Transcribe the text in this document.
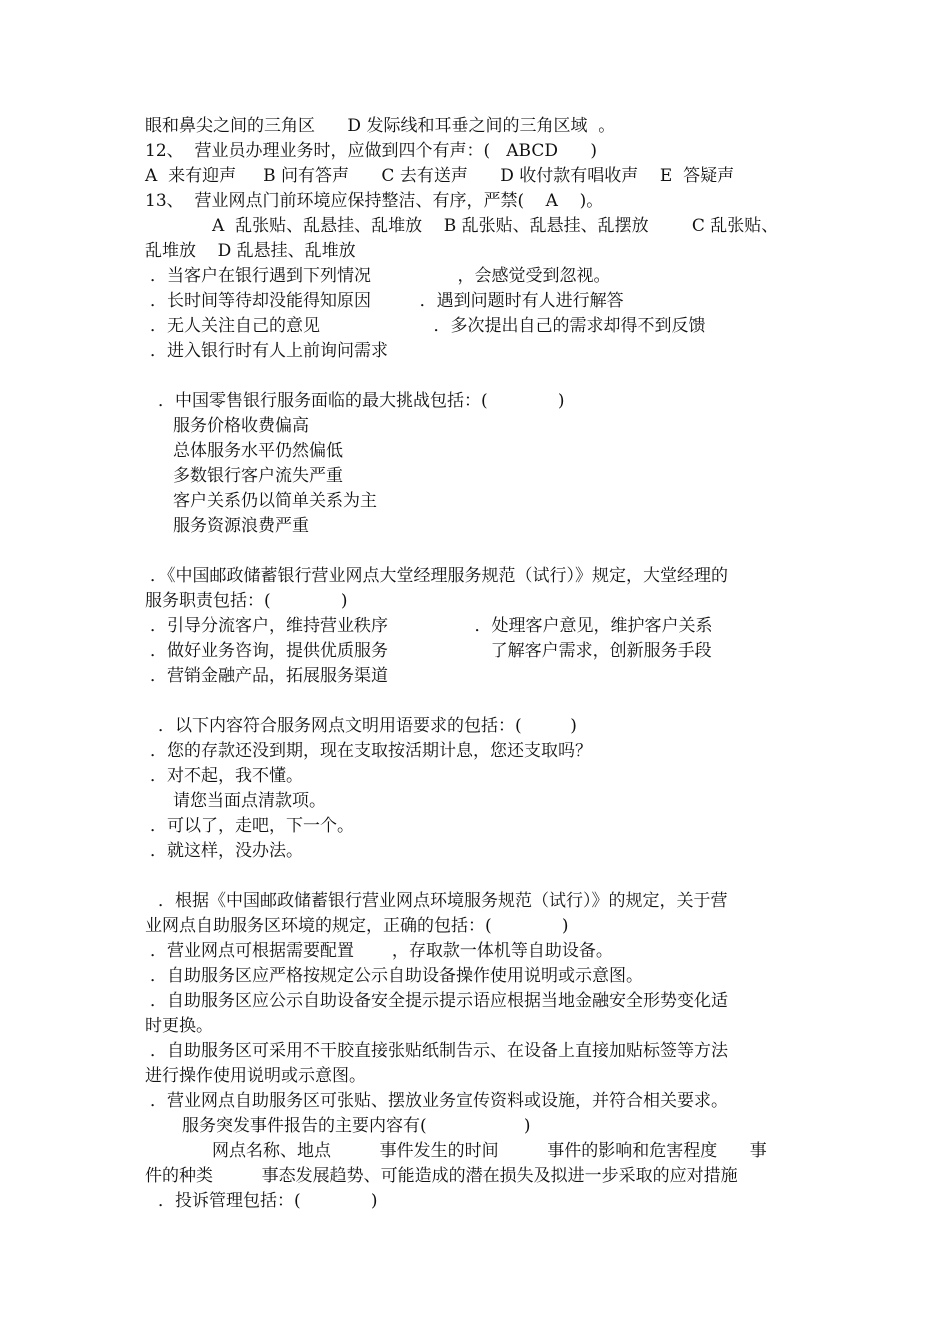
眼和鼻尖之间的三角区      D 发际线和耳垂之间的三角区域  。
12、  营业员办理业务时，应做到四个有声：(   ABCD      )
A  来有迎声     B 问有答声      C 去有送声      D 收付款有唱收声    E  答疑声
13、  营业网点门前环境应保持整洁、有序，严禁(    A    )。
A  乱张贴、乱悬挂、乱堆放    B 乱张贴、乱悬挂、乱摆放        C 乱张贴、
乱堆放    D 乱悬挂、乱堆放
．当客户在银行遇到下列情况                ，会感觉受到忽视。
．长时间等待却没能得知原因         ．遇到问题时有人进行解答
．无人关注自己的意见                     ．多次提出自己的需求却得不到反馈
．进入银行时有人上前询问需求
．中国零售银行服务面临的最大挑战包括：(             )
服务价格收费偏高
总体服务水平仍然偏低
多数银行客户流失严重
客户关系仍以简单关系为主
服务资源浪费严重
．《中国邮政储蓄银行营业网点大堂经理服务规范（试行）》规定，大堂经理的
服务职责包括：(             )
．引导分流客户，维持营业秩序                ．处理客户意见，维护客户关系
．做好业务咨询，提供优质服务                   了解客户需求，创新服务手段
．营销金融产品，拓展服务渠道
．以下内容符合服务网点文明用语要求的包括：(         )
．您的存款还没到期，现在支取按活期计息，您还支取吗？
．对不起，我不懂。
请您当面点清款项。
．可以了，走吧，下一个。
．就这样，没办法。
．根据《中国邮政储蓄银行营业网点环境服务规范（试行）》的规定，关于营
业网点自助服务区环境的规定，正确的包括：(             )
．营业网点可根据需要配置       ，存取款一体机等自助设备。
．自助服务区应严格按规定公示自助设备操作使用说明或示意图。
．自助服务区应公示自助设备安全提示提示语应根据当地金融安全形势变化适
时更换。
．自助服务区可采用不干胶直接张贴纸制告示、在设备上直接加贴标签等方法
进行操作使用说明或示意图。
．营业网点自助服务区可张贴、摆放业务宣传资料或设施，并符合相关要求。
服务突发事件报告的主要内容有(                  )
网点名称、地点         事件发生的时间         事件的影响和危害程度      事
件的种类         事态发展趋势、可能造成的潜在损失及拟进一步采取的应对措施
．投诉管理包括：(             )
